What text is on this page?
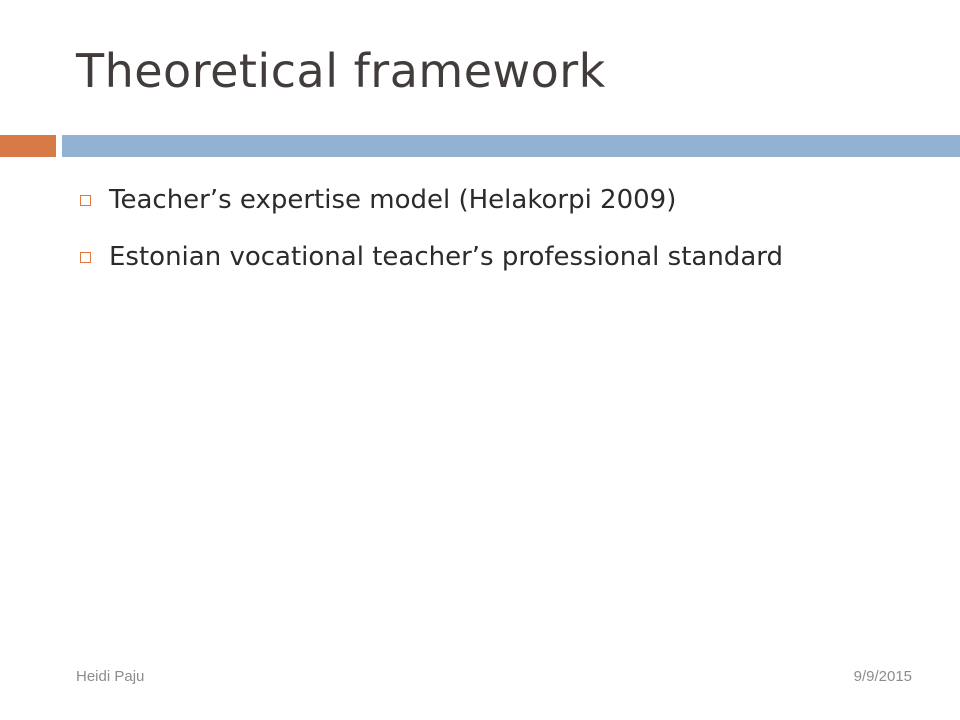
Theoretical framework
Teacher’s expertise model (Helakorpi 2009)
Estonian vocational teacher’s professional standard
Heidi Paju	9/9/2015
